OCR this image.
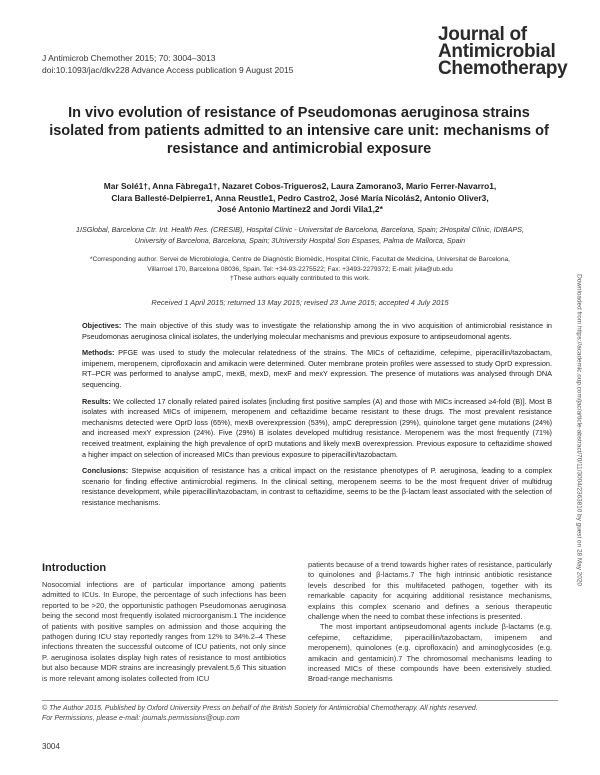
J Antimicrob Chemother 2015; 70: 3004–3013
doi:10.1093/jac/dkv228 Advance Access publication 9 August 2015
Journal of
Antimicrobial
Chemotherapy
In vivo evolution of resistance of Pseudomonas aeruginosa strains isolated from patients admitted to an intensive care unit: mechanisms of resistance and antimicrobial exposure
Mar Solé1†, Anna Fàbrega1†, Nazaret Cobos-Trigueros2, Laura Zamorano3, Mario Ferrer-Navarro1,
Clara Ballesté-Delpierre1, Anna Reustle1, Pedro Castro2, José María Nicolás2, Antonio Oliver3,
José Antonio Martínez2 and Jordi Vila1,2*
1ISGlobal, Barcelona Ctr. Int. Health Res. (CRESIB), Hospital Clínic - Universitat de Barcelona, Barcelona, Spain; 2Hospital Clínic, IDIBAPS,
University of Barcelona, Barcelona, Spain; 3University Hospital Son Espases, Palma de Mallorca, Spain
*Corresponding author. Servei de Microbiologia, Centre de Diagnòstic Biomèdic, Hospital Clínic, Facultat de Medicina, Universitat de Barcelona,
Villarroel 170, Barcelona 08036, Spain. Tel: +34-93-2275522; Fax: +3493-2279372; E-mail: jvila@ub.edu
†These authors equally contributed to this work.
Received 1 April 2015; returned 13 May 2015; revised 23 June 2015; accepted 4 July 2015

Objectives: The main objective of this study was to investigate the relationship among the in vivo acquisition of antimicrobial resistance in Pseudomonas aeruginosa clinical isolates, the underlying molecular mechanisms and previous exposure to antipseudomonal agents.

Methods: PFGE was used to study the molecular relatedness of the strains. The MICs of ceftazidime, cefepime, piperacillin/tazobactam, imipenem, meropenem, ciprofloxacin and amikacin were determined. Outer membrane protein profiles were assessed to study OprD expression. RT–PCR was performed to analyse ampC, mexB, mexD, mexF and mexY expression. The presence of mutations was analysed through DNA sequencing.

Results: We collected 17 clonally related paired isolates [including first positive samples (A) and those with MICs increased ≥4-fold (B)]. Most B isolates with increased MICs of imipenem, meropenem and ceftazidime became resistant to these drugs. The most prevalent resistance mechanisms detected were OprD loss (65%), mexB overexpression (53%), ampC derepression (29%), quinolone target gene mutations (24%) and increased mexY expression (24%). Five (29%) B isolates developed multidrug resistance. Meropenem was the most frequently (71%) received treatment, explaining the high prevalence of oprD mutations and likely mexB overexpression. Previous exposure to ceftazidime showed a higher impact on selection of increased MICs than previous exposure to piperacillin/tazobactam.

Conclusions: Stepwise acquisition of resistance has a critical impact on the resistance phenotypes of P. aeruginosa, leading to a complex scenario for finding effective antimicrobial regimens. In the clinical setting, meropenem seems to be the most frequent driver of multidrug resistance development, while piperacillin/tazobactam, in contrast to ceftazidime, seems to be the β-lactam least associated with the selection of resistance mechanisms.	Downloaded from https://academic.oup.com/jac/article-abstract/70/11/3004/2363810 by guest on 28 May 2020
Introduction

Nosocomial infections are of particular importance among patients admitted to ICUs. In Europe, the percentage of such infections has been reported to be >20, the opportunistic pathogen Pseudomonas aeruginosa being the second most frequently isolated microorganism.1 The incidence of patients with positive samples on admission and those acquiring the pathogen during ICU stay reportedly ranges from 12% to 34%.2–4 These infections threaten the successful outcome of ICU patients, not only since P. aeruginosa isolates display high rates of resistance to most antibiotics but also because MDR strains are increasingly prevalent.5,6 This situation is more relevant among isolates collected from ICU

patients because of a trend towards higher rates of resistance, particularly to quinolones and β-lactams.7 The high intrinsic antibiotic resistance levels described for this multifaceted pathogen, together with its remarkable capacity for acquiring additional resistance mechanisms, explains this complex scenario and defines a serious therapeutic challenge when the need to combat these infections is presented.

The most important antipseudomonal agents include β-lactams (e.g. cefepime, ceftazidime, piperacillin/tazobactam, imipenem and meropenem), quinolones (e.g. ciprofloxacin) and aminoglycosides (e.g. amikacin and gentamicin).7 The chromosomal mechanisms leading to increased MICs of these compounds have been extensively studied. Broad-range mechanisms

© The Author 2015. Published by Oxford University Press on behalf of the British Society for Antimicrobial Chemotherapy. All rights reserved.
For Permissions, please e-mail: journals.permissions@oup.com
3004
